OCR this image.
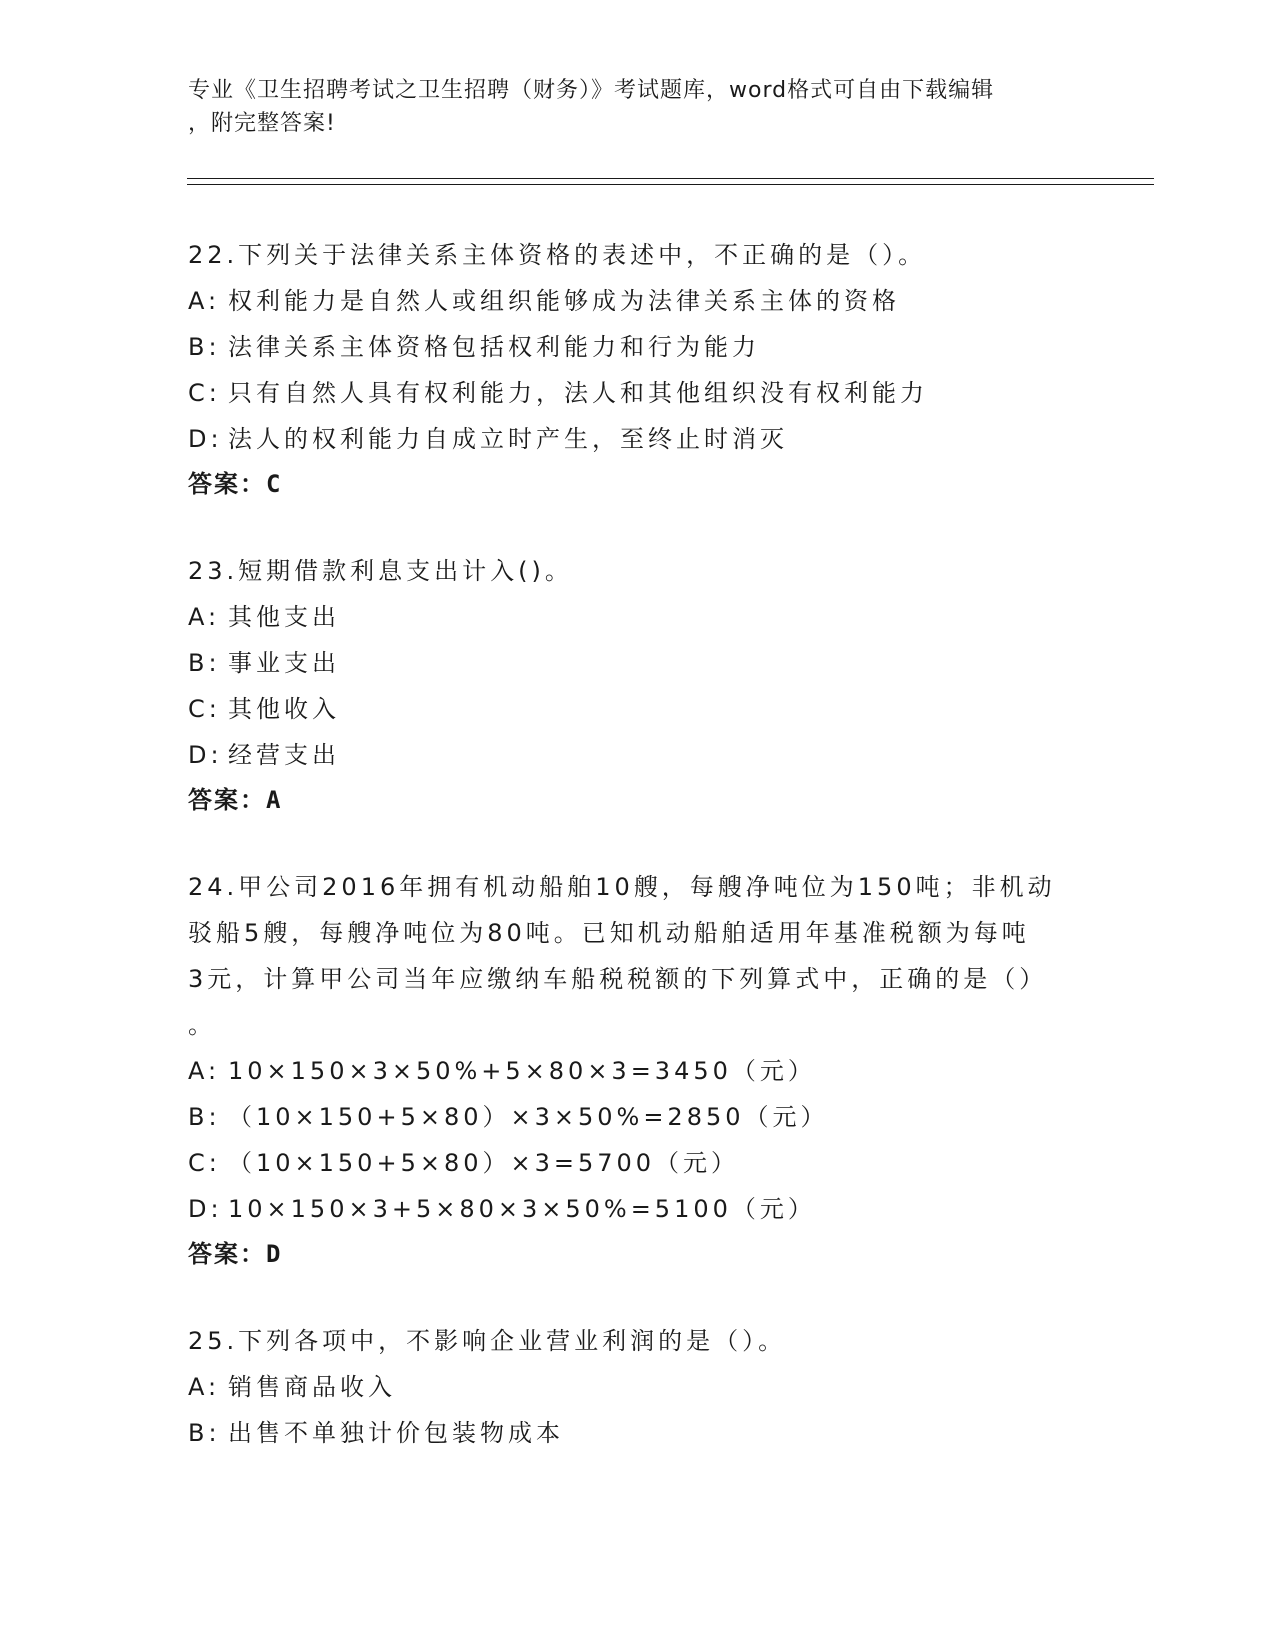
专业《卫生招聘考试之卫生招聘（财务）》考试题库，word格式可自由下载编辑
，附完整答案!
22.下列关于法律关系主体资格的表述中，不正确的是（）。
A: 权利能力是自然人或组织能够成为法律关系主体的资格
B: 法律关系主体资格包括权利能力和行为能力
C: 只有自然人具有权利能力，法人和其他组织没有权利能力
D: 法人的权利能力自成立时产生，至终止时消灭
答案：C
23.短期借款利息支出计入()。
A: 其他支出
B: 事业支出
C: 其他收入
D: 经营支出
答案：A
24.甲公司2016年拥有机动船舶10艘，每艘净吨位为150吨；非机动
驳船5艘，每艘净吨位为80吨。已知机动船舶适用年基准税额为每吨
3元，计算甲公司当年应缴纳车船税税额的下列算式中，正确的是（）
。
A: 10×150×3×50%+5×80×3=3450（元）
B: （10×150+5×80）×3×50%=2850（元）
C: （10×150+5×80）×3=5700（元）
D: 10×150×3+5×80×3×50%=5100（元）
答案：D
25.下列各项中，不影响企业营业利润的是（）。
A: 销售商品收入
B: 出售不单独计价包装物成本
